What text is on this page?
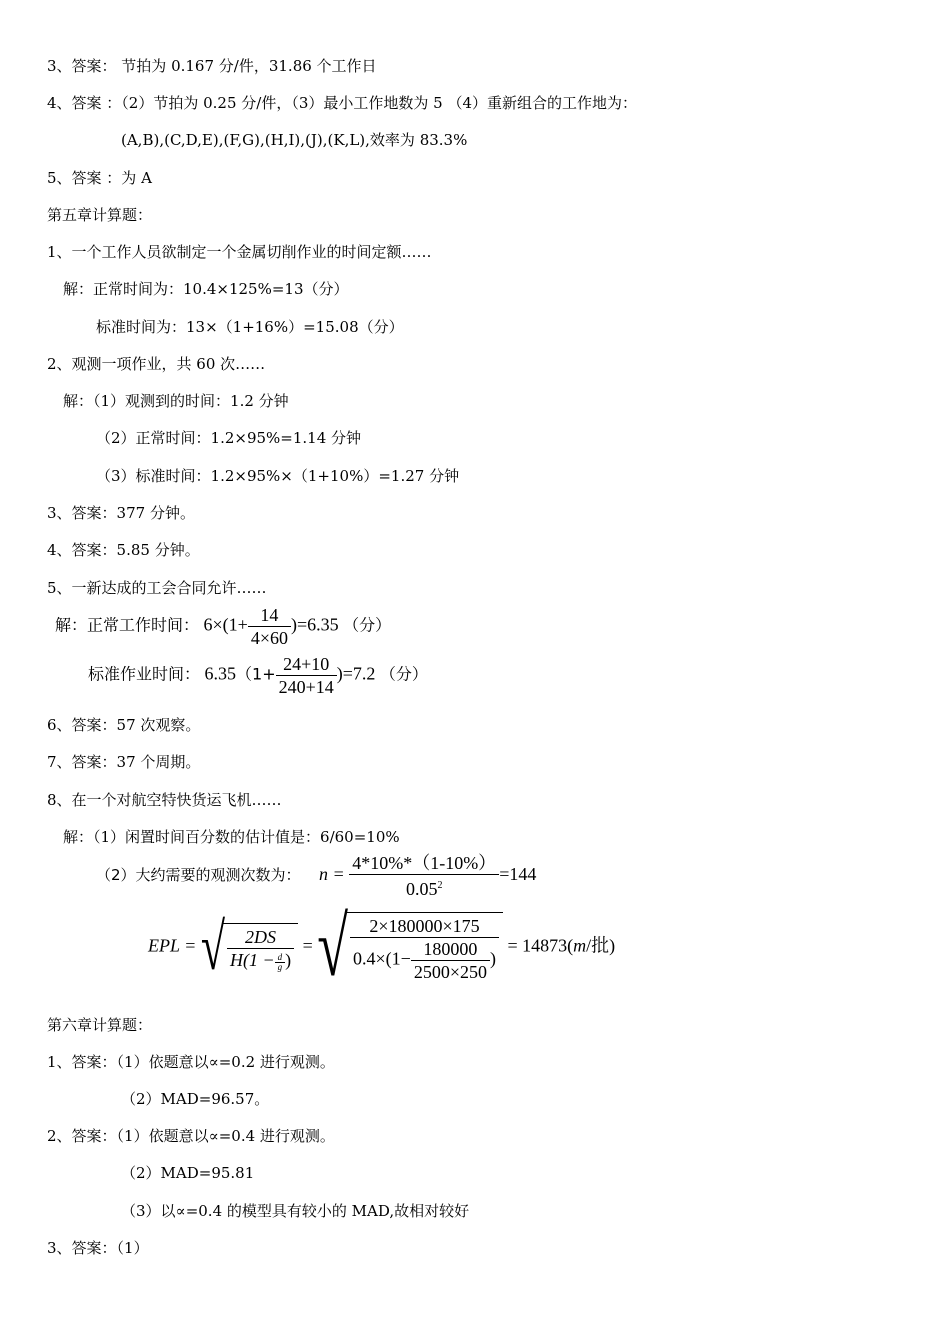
3、答案： 节拍为 0.167 分/件，31.86 个工作日
4、答案 ：（2）节拍为 0.25 分/件，（3）最小工作地数为 5 （4）重新组合的工作地为：
(A,B),(C,D,E),(F,G),(H,I),(J),(K,L),效率为 83.3%
5、答案 ：为 A
第五章计算题：
1、一个工作人员欲制定一个金属切削作业的时间定额……
解：正常时间为：10.4×125%=13（分）
标准时间为：13×（1+16%）=15.08（分）
2、观测一项作业，共 60 次……
解：（1）观测到的时间：1.2 分钟
（2）正常时间：1.2×95%=1.14 分钟
（3）标准时间：1.2×95%×（1+10%）=1.27 分钟
3、答案：377 分钟。
4、答案：5.85 分钟。
5、一新达成的工会合同允许……
解：正常工作时间： $6\times(1+ \frac{14}{4\times 60} )=6.35$ （分）
标准作业时间： $6.35(1+ \frac{24+10}{240+14} )=7.2$ （分）
6、答案：57 次观察。
7、答案：37 个周期。
8、在一个对航空特快货运飞机……
解：（1）闲置时间百分数的估计值是：6/60=10%
（2）大约需要的观测次数为： $n = \frac{4*10\%*(1-10\%)}{0.05^2} =144$
EPL = √ $\frac{2DS}{H(1 - \frac{d}{g} )}$ = √ $\frac{2\times 180000\times 175}{0.4\times(1- \frac{180000}{2500\times 250} )} = 14873(m/$批)
第六章计算题：
1、答案：（1）依题意以∝=0.2 进行观测。
（2）MAD=96.57。
2、答案：（1）依题意以∝=0.4 进行观测。
（2）MAD=95.81
（3）以∝=0.4 的模型具有较小的 MAD,故相对较好
3、答案：（1）
